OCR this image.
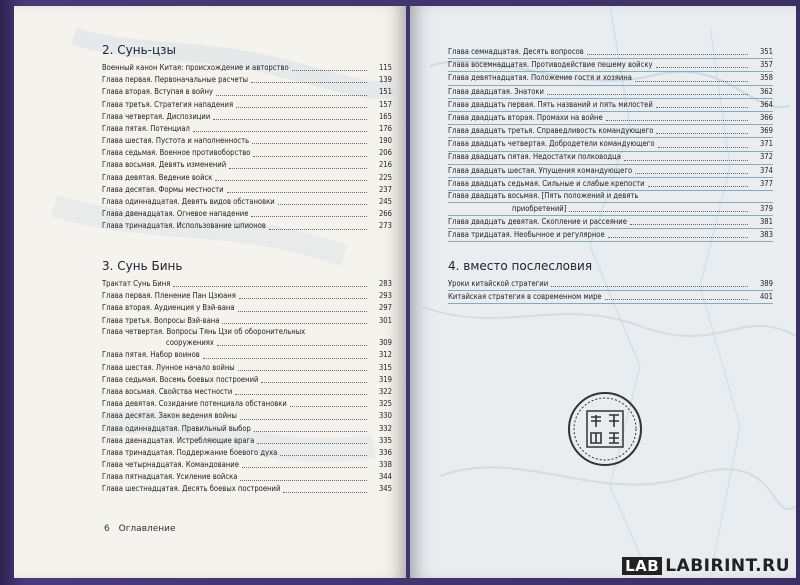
2. Сунь-цзы
Военный канон Китая: происхождение и авторство	115
Глава первая. Первоначальные расчеты	139
Глава вторая. Вступая в войну	151
Глава третья. Стратегия нападения	157
Глава четвертая. Диспозиции	165
Глава пятая. Потенциал	176
Глава шестая. Пустота и наполненность	190
Глава седьмая. Военное противоборство	206
Глава восьмая. Девять изменений	216
Глава девятая. Ведение войск	225
Глава десятая. Формы местности	237
Глава одиннадцатая. Девять видов обстановки	245
Глава двенадцатая. Огневое нападение	266
Глава тринадцатая. Использование шпионов	273
3. Сунь Бинь
Трактат Сунь Биня	283
Глава первая. Пленение Пан Цзюаня	293
Глава вторая. Аудиенция у Вэй-вана	297
Глава третья. Вопросы Вэй-вана	301
Глава четвертая. Вопросы Тянь Цзи об оборонительных
сооружениях	309
Глава пятая. Набор воинов	312
Глава шестая. Лунное начало войны	315
Глава седьмая. Восемь боевых построений	319
Глава восьмая. Свойства местности	322
Глава девятая. Созидание потенциала обстановки	325
Глава десятая. Закон ведения войны	330
Глава одиннадцатая. Правильный выбор	332
Глава двенадцатая. Истребляющие врага	335
Глава тринадцатая. Поддержание боевого духа	336
Глава четырнадцатая. Командование	338
Глава пятнадцатая. Усиление войска	344
Глава шестнадцатая. Десять боевых построений	345
6 Оглавление
Глава семнадцатая. Десять вопросов	351
Глава восемнадцатая. Противодействие пешему войску	357
Глава девятнадцатая. Положение гостя и хозяина	358
Глава двадцатая. Знатоки	362
Глава двадцать первая. Пять названий и пять милостей	364
Глава двадцать вторая. Промахи на войне	366
Глава двадцать третья. Справедливость командующего	369
Глава двадцать четвертая. Добродетели командующего	371
Глава двадцать пятая. Недостатки полководца	372
Глава двадцать шестая. Упущения командующего	374
Глава двадцать седьмая. Сильные и слабые крепости	377
Глава двадцать восьмая. [Пять положений и девять
приобретений]	379
Глава двадцать девятая. Скопление и рассеяние	381
Глава тридцатая. Необычное и регулярное	383
4. вместо послесловия
Уроки китайской стратегии	389
Китайская стратегия в современном мире	401
LAB LABIRINT.RU
